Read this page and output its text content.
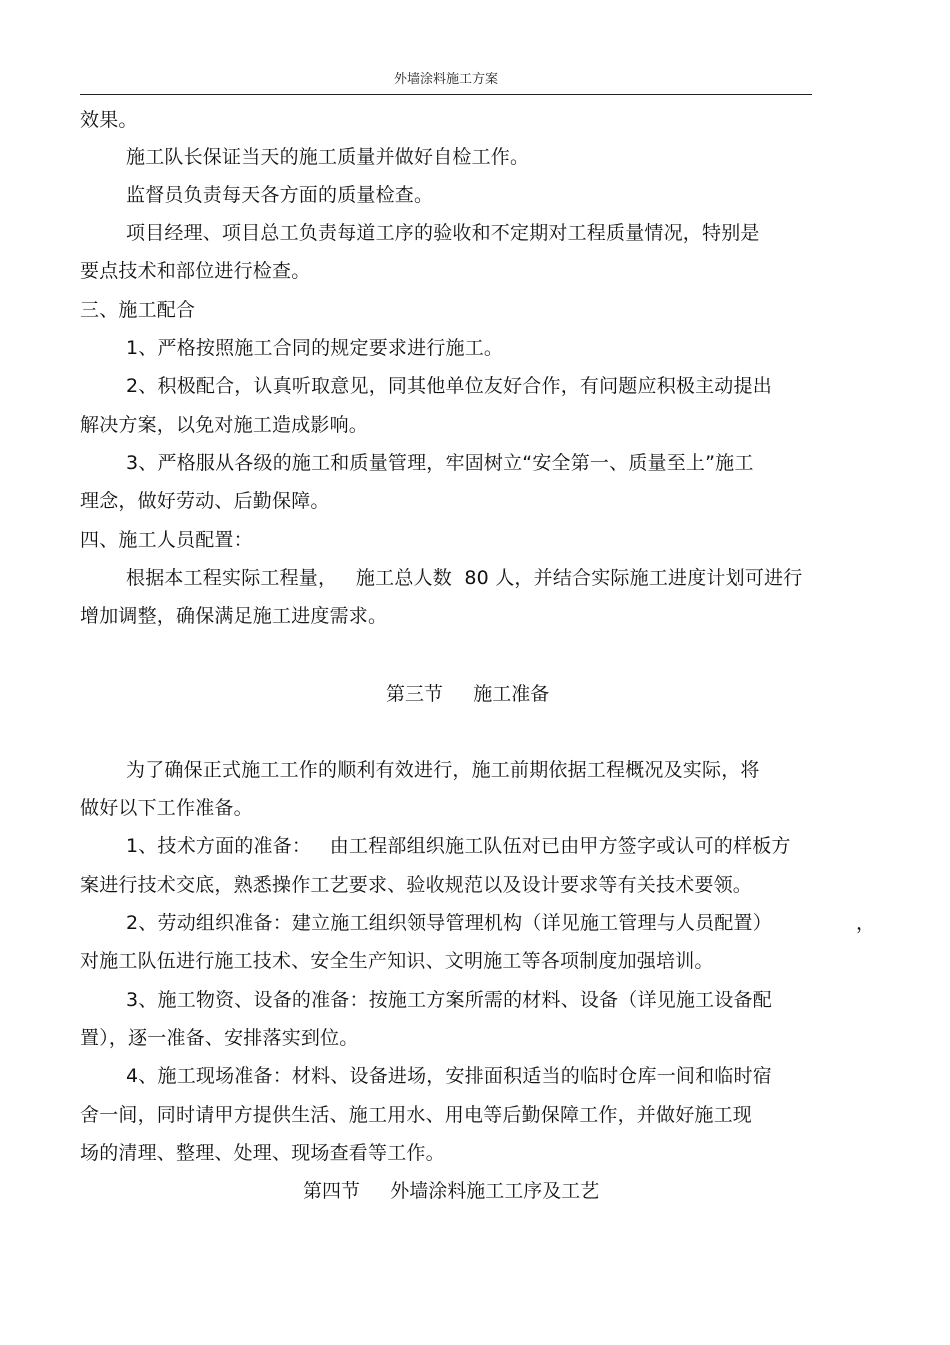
外墙涂料施工方案
效果。
施工队长保证当天的施工质量并做好自检工作。
监督员负责每天各方面的质量检查。
项目经理、项目总工负责每道工序的验收和不定期对工程质量情况，特别是
要点技术和部位进行检查。
三、施工配合
1、严格按照施工合同的规定要求进行施工。
2、积极配合，认真听取意见，同其他单位友好合作，有问题应积极主动提出
解决方案，以免对施工造成影响。
3、严格服从各级的施工和质量管理，牢固树立“安全第一、质量至上”施工
理念，做好劳动、后勤保障。
四、施工人员配置：
根据本工程实际工程量，   施工总人数  80 人，并结合实际施工进度计划可进行
增加调整，确保满足施工进度需求。
第三节     施工准备
为了确保正式施工工作的顺利有效进行，施工前期依据工程概况及实际，将
做好以下工作准备。
1、技术方面的准备：   由工程部组织施工队伍对已由甲方签字或认可的样板方
案进行技术交底，熟悉操作工艺要求、验收规范以及设计要求等有关技术要领。
2、劳动组织准备：建立施工组织领导管理机构（详见施工管理与人员配置）	，
对施工队伍进行施工技术、安全生产知识、文明施工等各项制度加强培训。
3、施工物资、设备的准备：按施工方案所需的材料、设备（详见施工设备配
置），逐一准备、安排落实到位。
4、施工现场准备：材料、设备进场，安排面积适当的临时仓库一间和临时宿
舍一间，同时请甲方提供生活、施工用水、用电等后勤保障工作，并做好施工现
场的清理、整理、处理、现场查看等工作。
第四节     外墙涂料施工工序及工艺
